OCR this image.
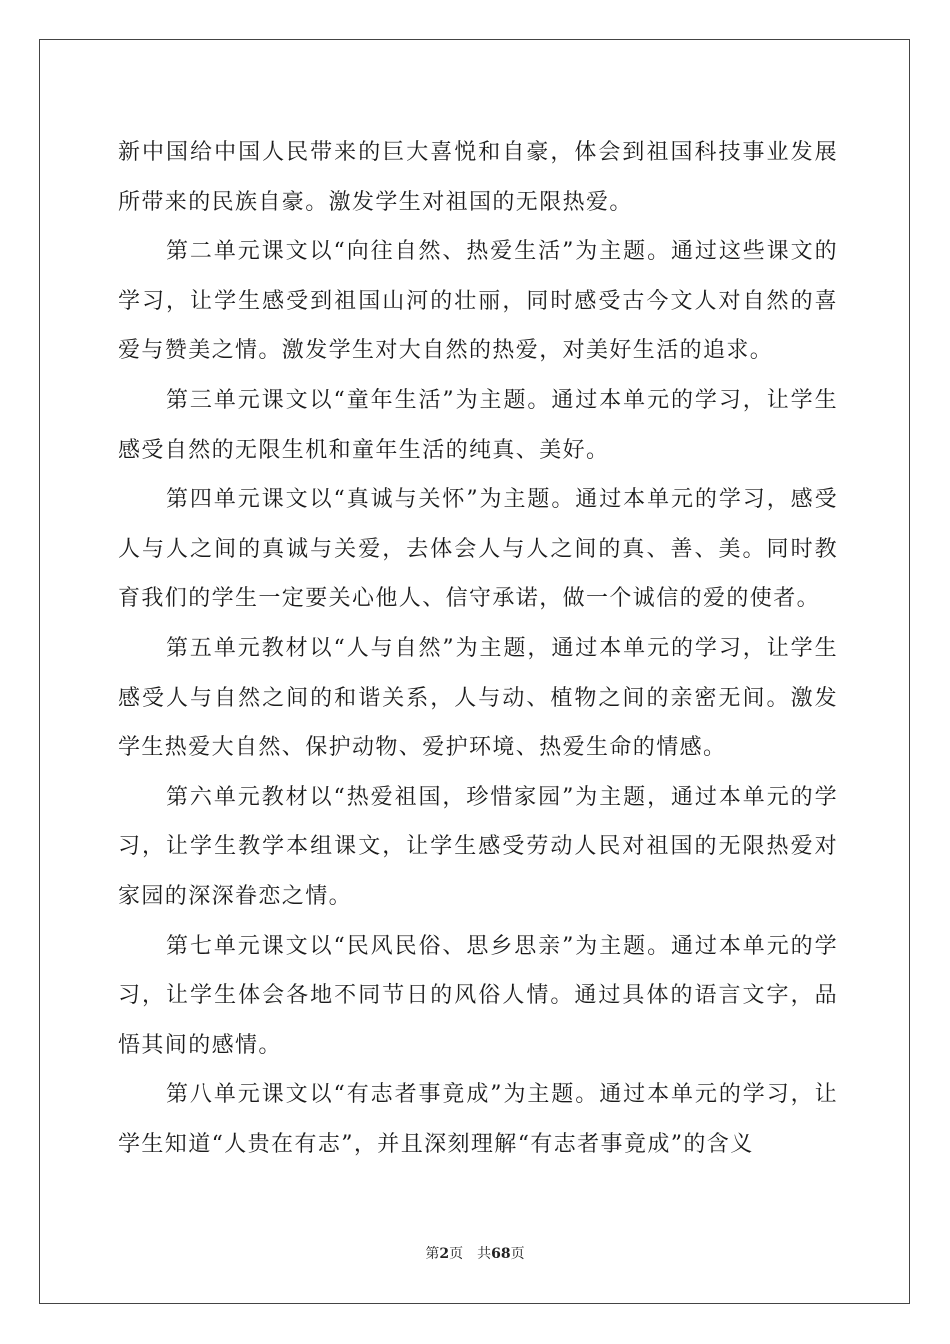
新中国给中国人民带来的巨大喜悦和自豪，体会到祖国科技事业发展所带来的民族自豪。激发学生对祖国的无限热爱。

第二单元课文以“向往自然、热爱生活”为主题。通过这些课文的学习，让学生感受到祖国山河的壮丽，同时感受古今文人对自然的喜爱与赞美之情。激发学生对大自然的热爱，对美好生活的追求。

第三单元课文以“童年生活”为主题。通过本单元的学习，让学生感受自然的无限生机和童年生活的纯真、美好。

第四单元课文以“真诚与关怀”为主题。通过本单元的学习，感受人与人之间的真诚与关爱，去体会人与人之间的真、善、美。同时教育我们的学生一定要关心他人、信守承诺，做一个诚信的爱的使者。

第五单元教材以“人与自然”为主题，通过本单元的学习，让学生感受人与自然之间的和谐关系，人与动、植物之间的亲密无间。激发学生热爱大自然、保护动物、爱护环境、热爱生命的情感。

第六单元教材以“热爱祖国，珍惜家园”为主题，通过本单元的学习，让学生教学本组课文，让学生感受劳动人民对祖国的无限热爱对家园的深深眷恋之情。

第七单元课文以“民风民俗、思乡思亲”为主题。通过本单元的学习，让学生体会各地不同节日的风俗人情。通过具体的语言文字，品悟其间的感情。

第八单元课文以“有志者事竟成”为主题。通过本单元的学习，让学生知道“人贵在有志”，并且深刻理解“有志者事竟成”的含义

第2页 共68页
